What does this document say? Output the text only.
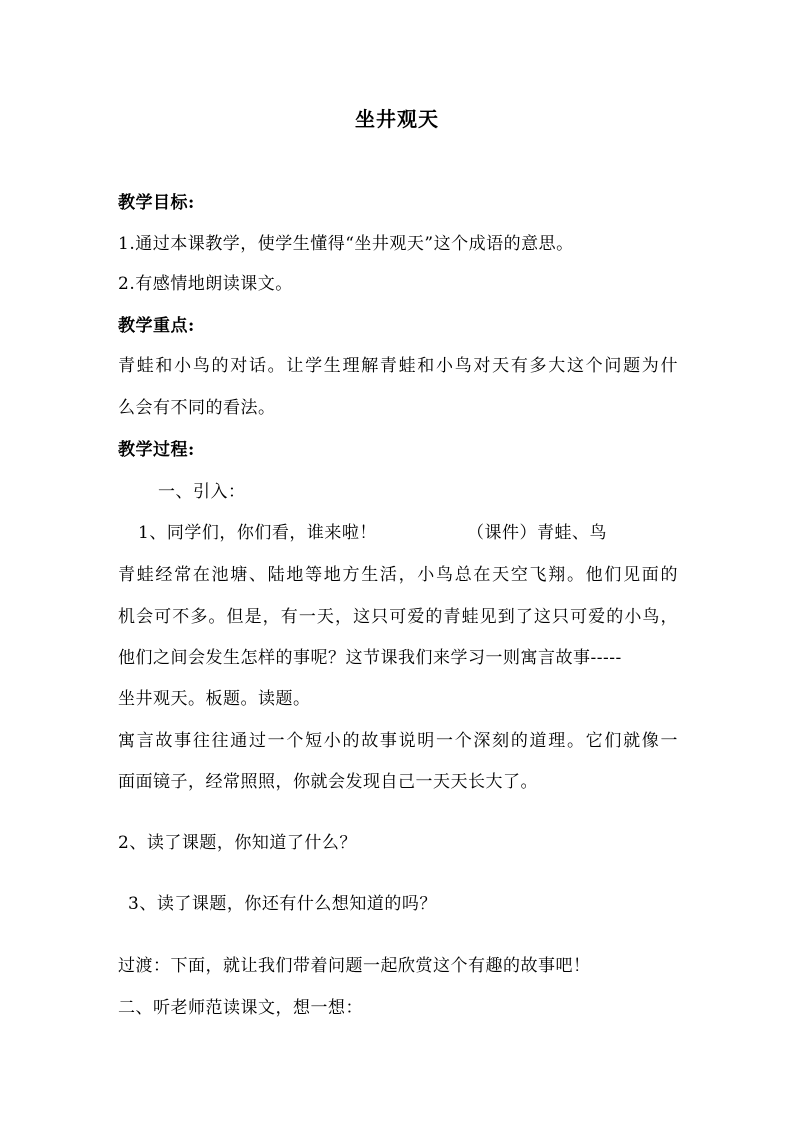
坐井观天
教学目标:
1.通过本课教学，使学生懂得“坐井观天”这个成语的意思。
2.有感情地朗读课文。
教学重点:
青蛙和小鸟的对话。让学生理解青蛙和小鸟对天有多大这个问题为什
么会有不同的看法。
教学过程:
一、引入：
1、同学们，你们看，谁来啦！	（课件）青蛙、鸟
青蛙经常在池塘、陆地等地方生活，小鸟总在天空飞翔。他们见面的
机会可不多。但是，有一天，这只可爱的青蛙见到了这只可爱的小鸟，
他们之间会发生怎样的事呢？这节课我们来学习一则寓言故事-----
坐井观天。板题。读题。
寓言故事往往通过一个短小的故事说明一个深刻的道理。它们就像一
面面镜子，经常照照，你就会发现自己一天天长大了。
2、读了课题，你知道了什么？
3、读了课题，你还有什么想知道的吗？
过渡：下面，就让我们带着问题一起欣赏这个有趣的故事吧！
二、听老师范读课文，想一想：
